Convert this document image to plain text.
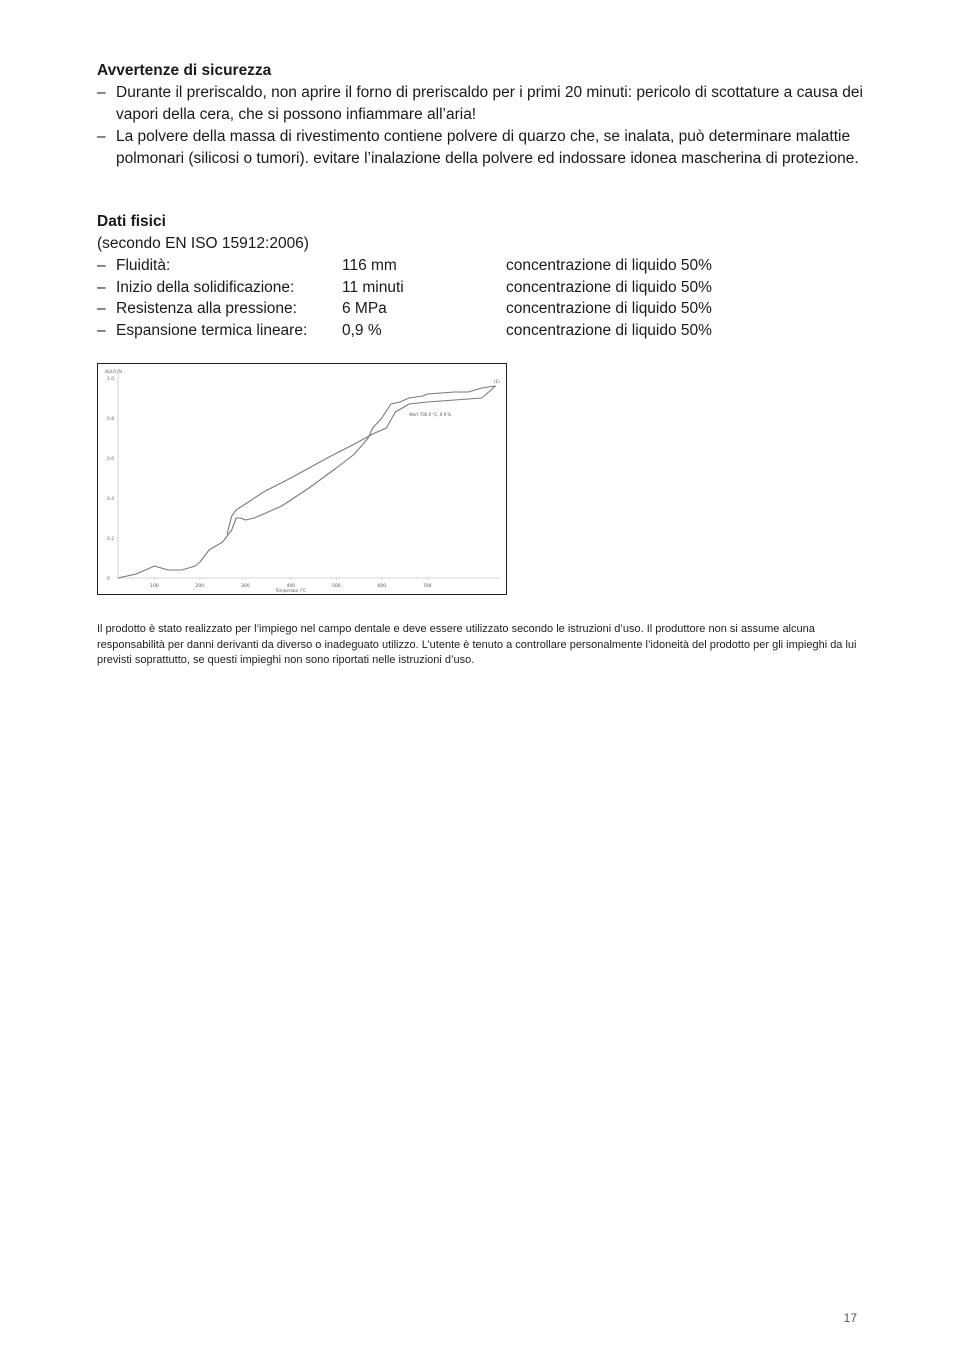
Avvertenze di sicurezza
– Durante il preriscaldo, non aprire il forno di preriscaldo per i primi 20 minuti: pericolo di scottature a causa dei vapori della cera, che si possono infiammare all’aria!
– La polvere della massa di rivestimento contiene polvere di quarzo che, se inalata, può determinare malattie polmonari (silicosi o tumori). evitare l’inalazione della polvere ed indossare idonea mascherina di protezione.
Dati fisici
(secondo EN ISO 15912:2006)
– Fluidità:	116 mm	concentrazione di liquido 50%
– Inizio della solidificazione:	11 minuti	concentrazione di liquido 50%
– Resistenza alla pressione:	6 MPa	concentrazione di liquido 50%
– Espansione termica lineare: 0,9 %	concentrazione di liquido 50%
0
0.2
0.4
0.6
0.8
1.0
100	200	300	400	500	600	700
Temperatur /°C
dL/L0 /%
Wert 700.0 °C, 0.9 %
(1)
Il prodotto è stato realizzato per l’impiego nel campo dentale e deve essere utilizzato secondo le istruzioni d’uso. Il produttore non si assume alcuna responsabilità per danni derivanti da diverso o inadeguato utilizzo. L’utente è tenuto a controllare personalmente l’idoneità del prodotto per gli impieghi da lui previsti soprattutto, se questi impieghi non sono riportati nelle istruzioni d’uso.
17
